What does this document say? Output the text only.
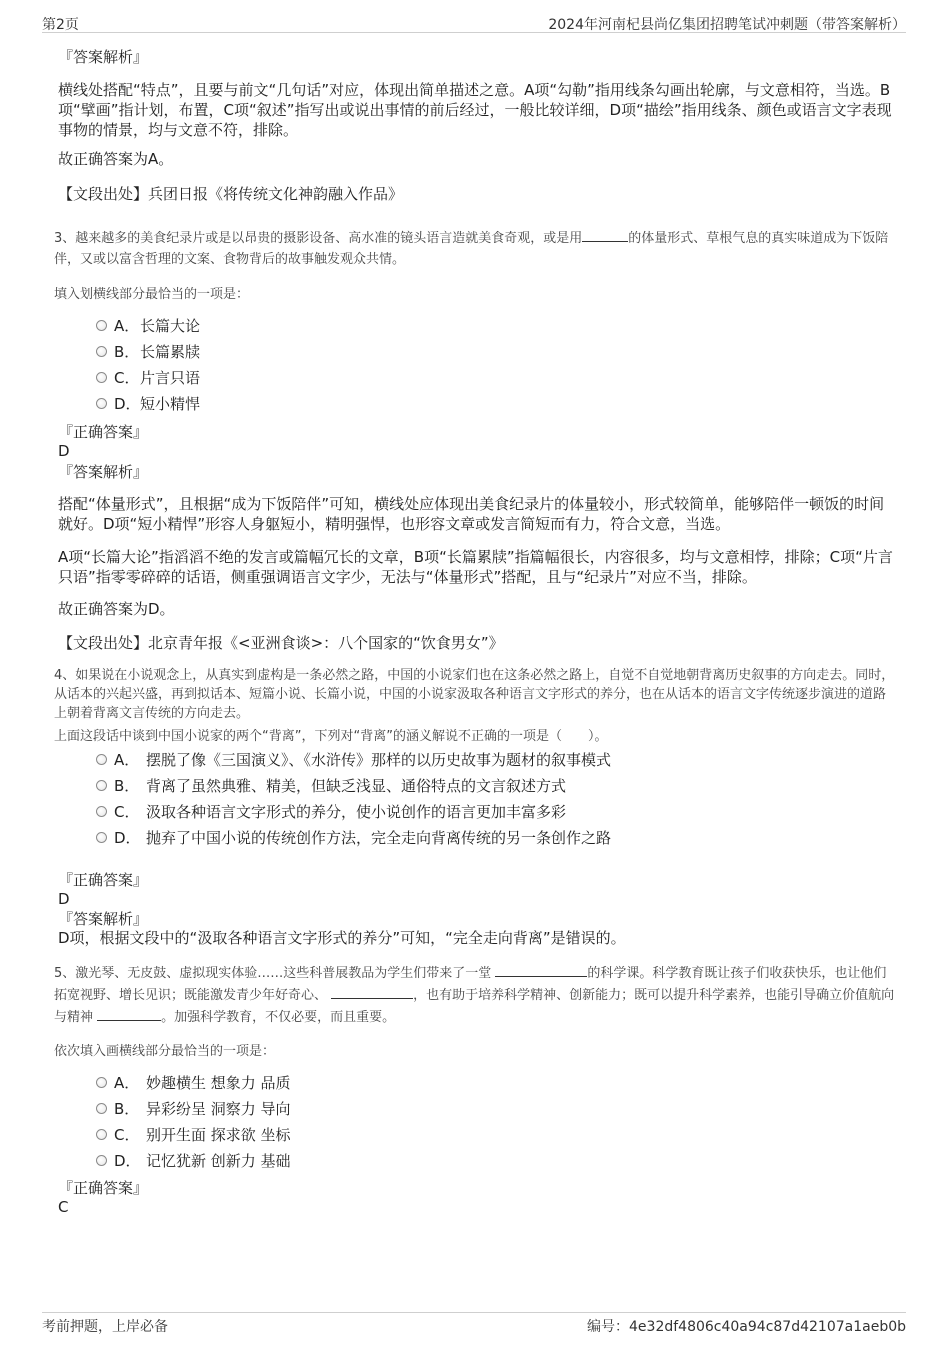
第2页	2024年河南杞县尚亿集团招聘笔试冲刺题（带答案解析）

『答案解析』

横线处搭配“特点”，且要与前文“几句话”对应，体现出简单描述之意。A项“勾勒”指用线条勾画出轮廓，与文意相符，当选。B项“擘画”指计划，布置，C项“叙述”指写出或说出事情的前后经过，一般比较详细，D项“描绘”指用线条、颜色或语言文字表现事物的情景，均与文意不符，排除。

故正确答案为A。

【文段出处】兵团日报《将传统文化神韵融入作品》

3、越来越多的美食纪录片或是以昂贵的摄影设备、高水准的镜头语言造就美食奇观，或是用	的体量形式、草根气息的真实味道成为下饭陪伴，又或以富含哲理的文案、食物背后的故事触发观众共情。

填入划横线部分最恰当的一项是：

A．长篇大论
B．长篇累牍
C．片言只语
D．短小精悍

『正确答案』

D

『答案解析』

搭配“体量形式”，且根据“成为下饭陪伴”可知，横线处应体现出美食纪录片的体量较小，形式较简单，能够陪伴一顿饭的时间就好。D项“短小精悍”形容人身躯短小，精明强悍，也形容文章或发言简短而有力，符合文意，当选。

A项“长篇大论”指滔滔不绝的发言或篇幅冗长的文章，B项“长篇累牍”指篇幅很长，内容很多，均与文意相悖，排除；C项“片言只语”指零零碎碎的话语，侧重强调语言文字少，无法与“体量形式”搭配，且与“纪录片”对应不当，排除。

故正确答案为D。

【文段出处】北京青年报《<亚洲食谈>：八个国家的“饮食男女”》

4、如果说在小说观念上，从真实到虚构是一条必然之路，中国的小说家们也在这条必然之路上，自觉不自觉地朝背离历史叙事的方向走去。同时，从话本的兴起兴盛，再到拟话本、短篇小说、长篇小说，中国的小说家汲取各种语言文字形式的养分，也在从话本的语言文字传统逐步演进的道路上朝着背离文言传统的方向走去。

上面这段话中谈到中国小说家的两个“背离”，下列对“背离”的涵义解说不正确的一项是（　　）。

A． 摆脱了像《三国演义》、《水浒传》那样的以历史故事为题材的叙事模式
B． 背离了虽然典雅、精美，但缺乏浅显、通俗特点的文言叙述方式
C． 汲取各种语言文字形式的养分，使小说创作的语言更加丰富多彩
D． 抛弃了中国小说的传统创作方法，完全走向背离传统的另一条创作之路

『正确答案』

D

『答案解析』

D项，根据文段中的“汲取各种语言文字形式的养分”可知，“完全走向背离”是错误的。

5、激光琴、无皮鼓、虚拟现实体验……这些科普展教品为学生们带来了一堂	的科学课。科学教育既让孩子们收获快乐，也让他们拓宽视野、增长见识；既能激发青少年好奇心、	，也有助于培养科学精神、创新能力；既可以提升科学素养，也能引导确立价值航向与精神	。加强科学教育，不仅必要，而且重要。

依次填入画横线部分最恰当的一项是：

A． 妙趣横生 想象力 品质
B． 异彩纷呈 洞察力 导向
C． 别开生面 探求欲 坐标
D． 记忆犹新 创新力 基础

『正确答案』

C

考前押题，上岸必备	编号：4e32df4806c40a94c87d42107a1aeb0b
